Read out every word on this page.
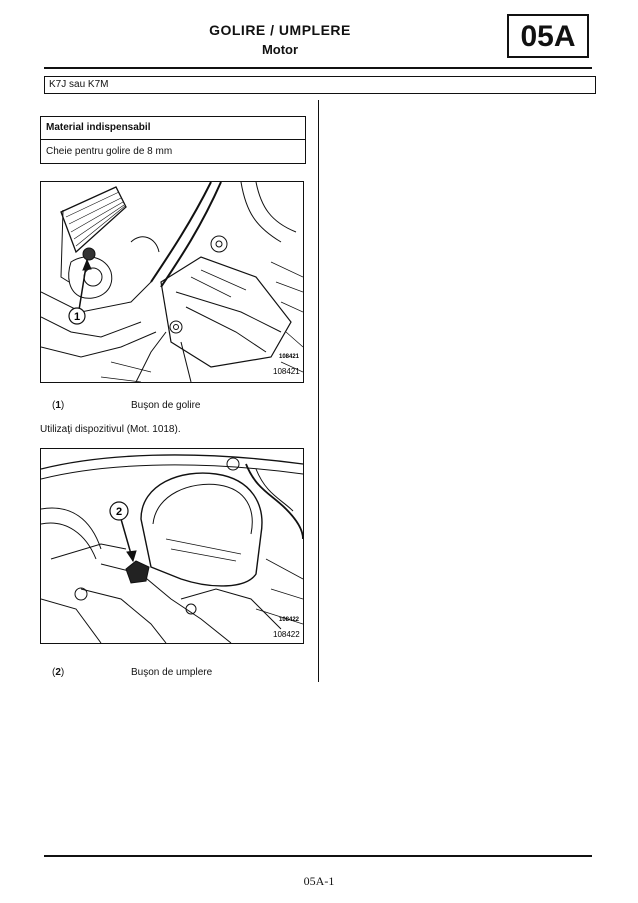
GOLIRE / UMPLERE
Motor	05A
K7J sau K7M
Material indispensabil
Cheie pentru golire de 8 mm
1
108421
108421
(1)	Buşon de golire
Utilizaţi dispozitivul (Mot. 1018).
2
108422
108422
(2)	Buşon de umplere
05A-1
